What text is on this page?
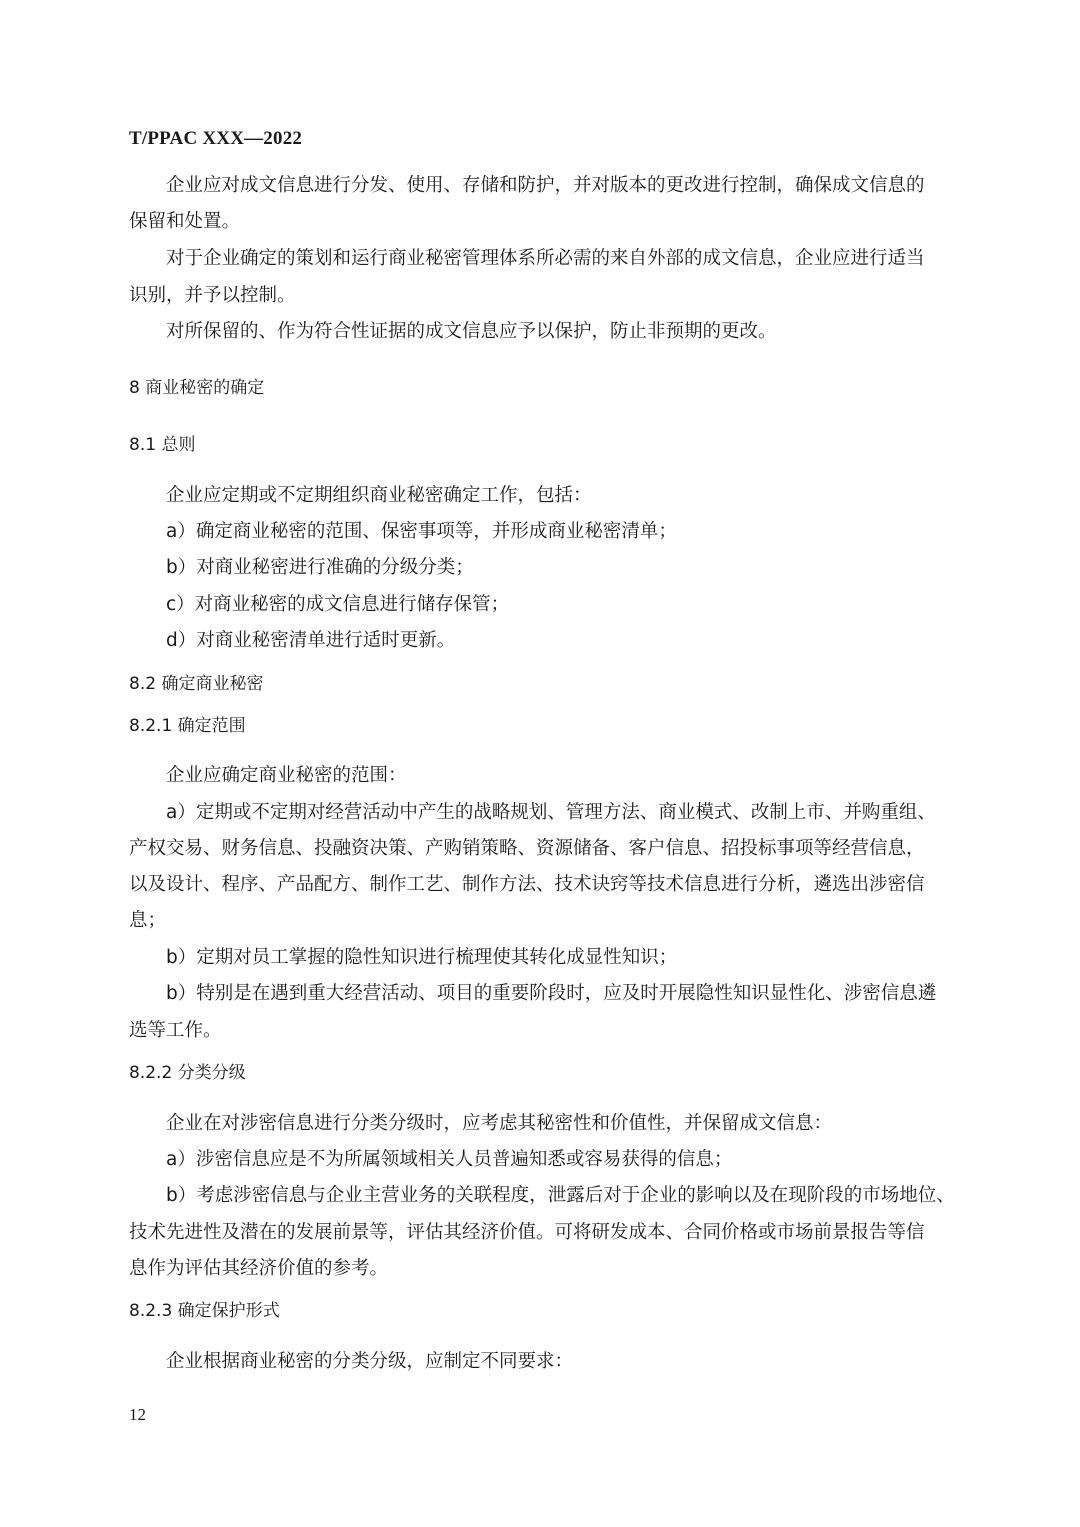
T/PPAC XXX—2022
企业应对成文信息进行分发、使用、存储和防护，并对版本的更改进行控制，确保成文信息的
保留和处置。
对于企业确定的策划和运行商业秘密管理体系所必需的来自外部的成文信息，企业应进行适当
识别，并予以控制。
对所保留的、作为符合性证据的成文信息应予以保护，防止非预期的更改。
8 商业秘密的确定
8.1 总则
企业应定期或不定期组织商业秘密确定工作，包括：
a）确定商业秘密的范围、保密事项等，并形成商业秘密清单；
b）对商业秘密进行准确的分级分类；
c）对商业秘密的成文信息进行储存保管；
d）对商业秘密清单进行适时更新。
8.2 确定商业秘密
8.2.1 确定范围
企业应确定商业秘密的范围：
a）定期或不定期对经营活动中产生的战略规划、管理方法、商业模式、改制上市、并购重组、
产权交易、财务信息、投融资决策、产购销策略、资源储备、客户信息、招投标事项等经营信息，
以及设计、程序、产品配方、制作工艺、制作方法、技术诀窍等技术信息进行分析，遴选出涉密信
息；
b）定期对员工掌握的隐性知识进行梳理使其转化成显性知识；
b）特别是在遇到重大经营活动、项目的重要阶段时，应及时开展隐性知识显性化、涉密信息遴
选等工作。
8.2.2 分类分级
企业在对涉密信息进行分类分级时，应考虑其秘密性和价值性，并保留成文信息：
a）涉密信息应是不为所属领域相关人员普遍知悉或容易获得的信息；
b）考虑涉密信息与企业主营业务的关联程度，泄露后对于企业的影响以及在现阶段的市场地位、
技术先进性及潜在的发展前景等，评估其经济价值。可将研发成本、合同价格或市场前景报告等信
息作为评估其经济价值的参考。
8.2.3 确定保护形式
企业根据商业秘密的分类分级，应制定不同要求：
12
